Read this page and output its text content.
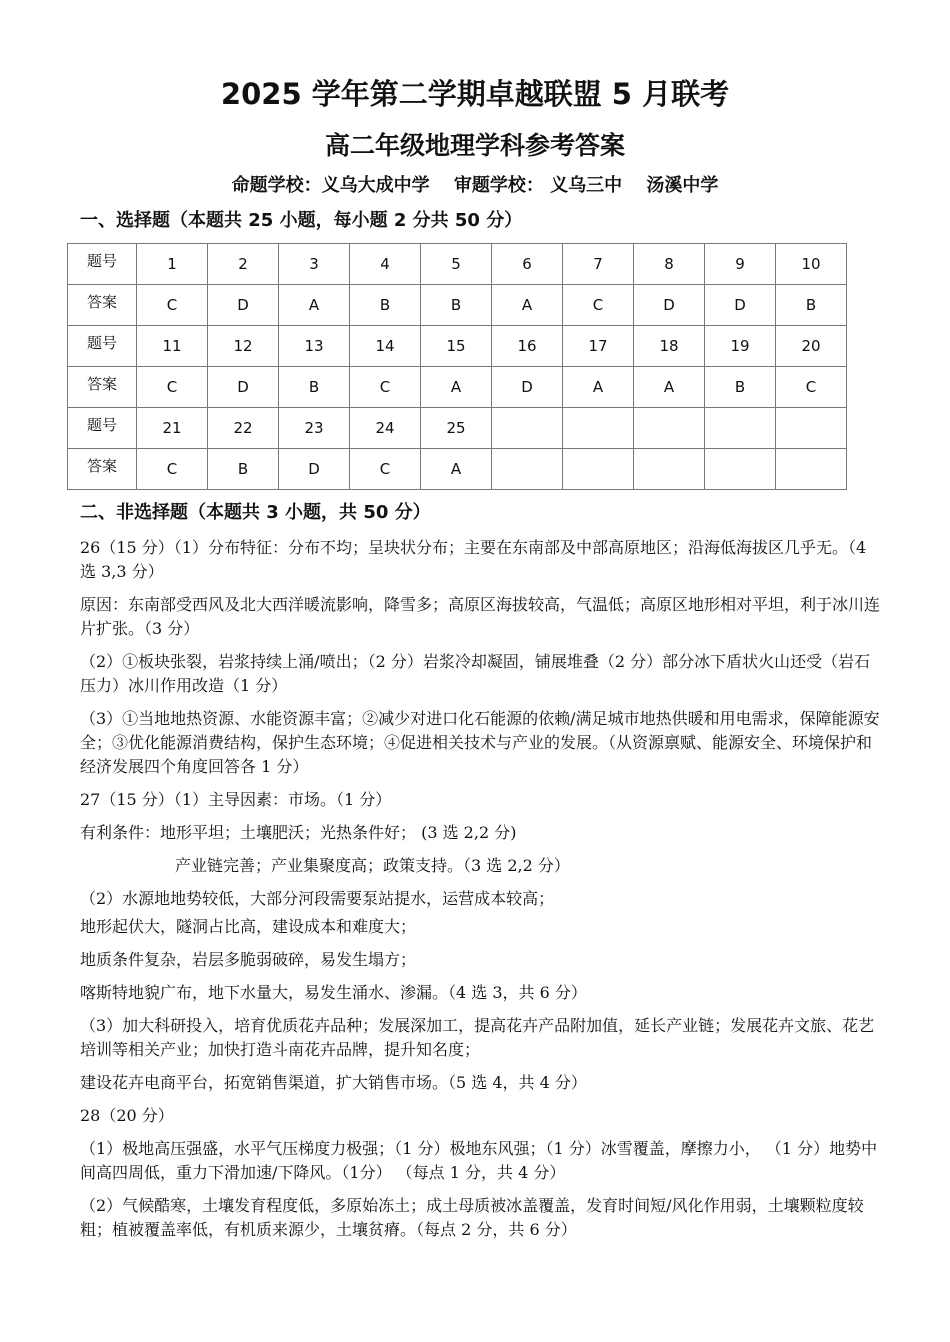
2025 学年第二学期卓越联盟 5 月联考
高二年级地理学科参考答案
命题学校：义乌大成中学 审题学校： 义乌三中 汤溪中学
一、选择题（本题共 25 小题，每小题 2 分共 50 分）
题号	1	2	3	4	5	6	7	8	9	10
答案	C	D	A	B	B	A	C	D	D	B
题号	11	12	13	14	15	16	17	18	19	20
答案	C	D	B	C	A	D	A	A	B	C
题号	21	22	23	24	25					
答案	C	B	D	C	A					
二、非选择题（本题共 3 小题，共 50 分）

26（15 分）（1）分布特征：分布不均；呈块状分布；主要在东南部及中部高原地区；沿海低海拔区几乎无。（4 选 3,3 分）

原因：东南部受西风及北大西洋暖流影响，降雪多；高原区海拔较高，气温低；高原区地形相对平坦，利于冰川连片扩张。（3 分）

（2）①板块张裂，岩浆持续上涌/喷出；（2 分）岩浆冷却凝固，铺展堆叠（2 分）部分冰下盾状火山还受（岩石压力）冰川作用改造（1 分）

（3）①当地地热资源、水能资源丰富；②减少对进口化石能源的依赖/满足城市地热供暖和用电需求，保障能源安全；③优化能源消费结构，保护生态环境；④促进相关技术与产业的发展。（从资源禀赋、能源安全、环境保护和经济发展四个角度回答各 1 分）

27（15 分）（1）主导因素：市场。（1 分）

有利条件：地形平坦；土壤肥沃；光热条件好； (3 选 2,2 分)

产业链完善；产业集聚度高；政策支持。（3 选 2,2 分）

（2）水源地地势较低，大部分河段需要泵站提水，运营成本较高；

地形起伏大，隧洞占比高，建设成本和难度大；

地质条件复杂，岩层多脆弱破碎，易发生塌方；

喀斯特地貌广布，地下水量大，易发生涌水、渗漏。（4 选 3，共 6 分）

（3）加大科研投入，培育优质花卉品种；发展深加工，提高花卉产品附加值，延长产业链；发展花卉文旅、花艺培训等相关产业；加快打造斗南花卉品牌，提升知名度；

建设花卉电商平台，拓宽销售渠道，扩大销售市场。（5 选 4，共 4 分）

28（20 分）

（1）极地高压强盛，水平气压梯度力极强；（1 分）极地东风强；（1 分）冰雪覆盖，摩擦力小， （1 分）地势中间高四周低，重力下滑加速/下降风。（1分） （每点 1 分，共 4 分）

（2）气候酷寒，土壤发育程度低，多原始冻土；成土母质被冰盖覆盖，发育时间短/风化作用弱，土壤颗粒度较粗；植被覆盖率低，有机质来源少，土壤贫瘠。（每点 2 分，共 6 分）
